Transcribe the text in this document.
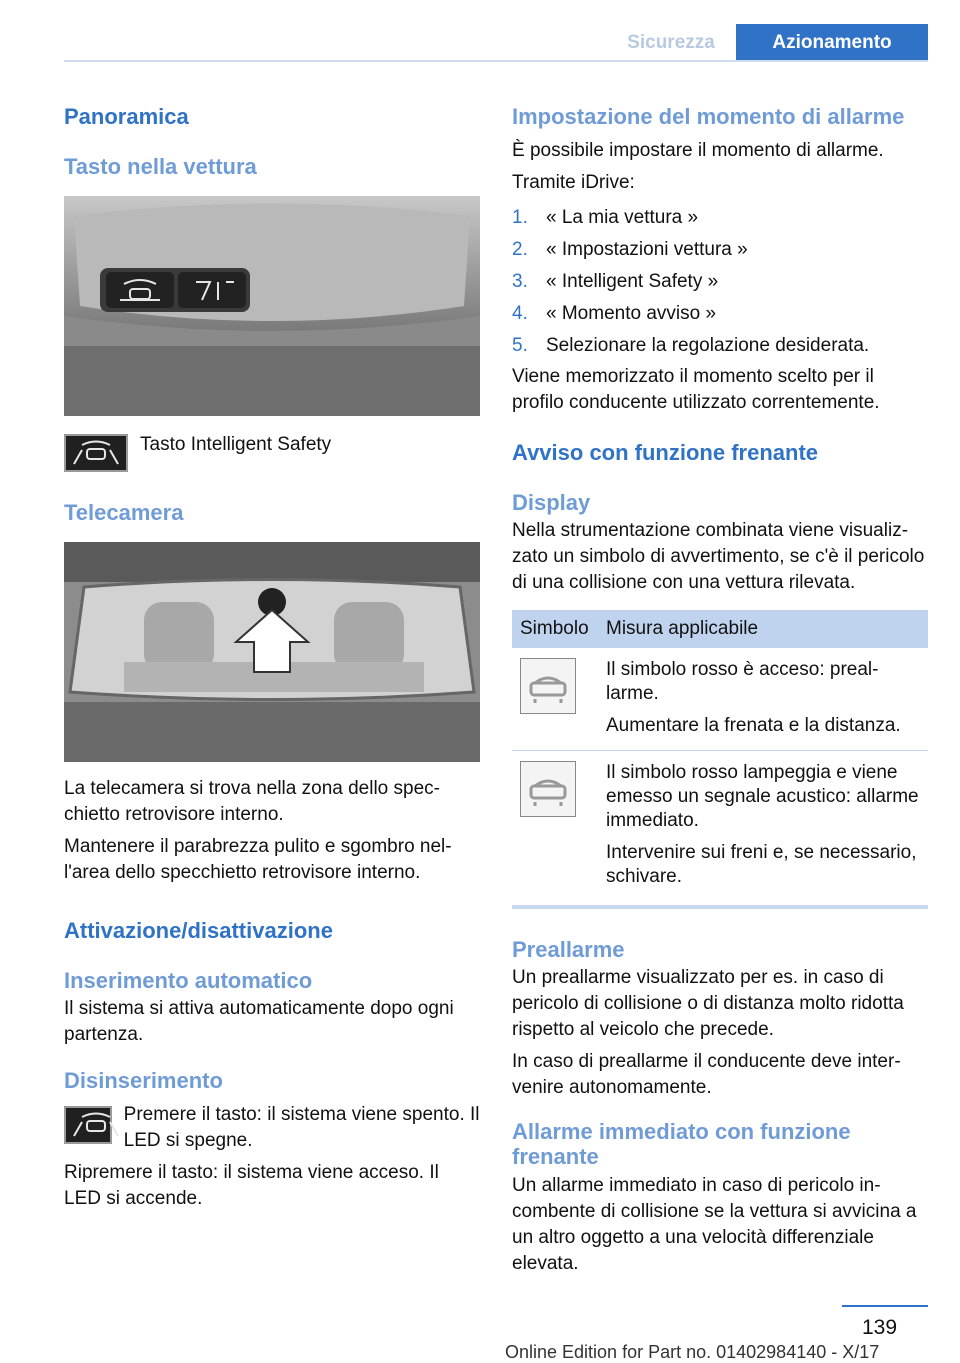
Sicurezza	Azionamento
Panoramica
Tasto nella vettura
Tasto Intelligent Safety
Telecamera
La telecamera si trova nella zona dello specchietto retrovisore interno.
Mantenere il parabrezza pulito e sgombro nell'area dello specchietto retrovisore interno.
Attivazione/disattivazione
Inserimento automatico
Il sistema si attiva automaticamente dopo ogni partenza.
Disinserimento
Premere il tasto: il sistema viene spento. Il LED si spegne.
Ripremere il tasto: il sistema viene acceso. Il LED si accende.
Impostazione del momento di allarme
È possibile impostare il momento di allarme.
Tramite iDrive:
1. « La mia vettura »
2. « Impostazioni vettura »
3. « Intelligent Safety »
4. « Momento avviso »
5. Selezionare la regolazione desiderata.
Viene memorizzato il momento scelto per il profilo conducente utilizzato correntemente.
Avviso con funzione frenante
Display
Nella strumentazione combinata viene visualizzato un simbolo di avvertimento, se c'è il pericolo di una collisione con una vettura rilevata.
Simbolo	Misura applicabile

Il simbolo rosso è acceso: preallarme.
Aumentare la frenata e la distanza.

Il simbolo rosso lampeggia e viene emesso un segnale acustico: allarme immediato.
Intervenire sui freni e, se necessario, schivare.
Preallarme
Un preallarme visualizzato per es. in caso di pericolo di collisione o di distanza molto ridotta rispetto al veicolo che precede.
In caso di preallarme il conducente deve intervenire autonomamente.
Allarme immediato con funzione frenante
Un allarme immediato in caso di pericolo incombente di collisione se la vettura si avvicina a un altro oggetto a una velocità differenziale elevata.
139
Online Edition for Part no. 01402984140 - X/17
